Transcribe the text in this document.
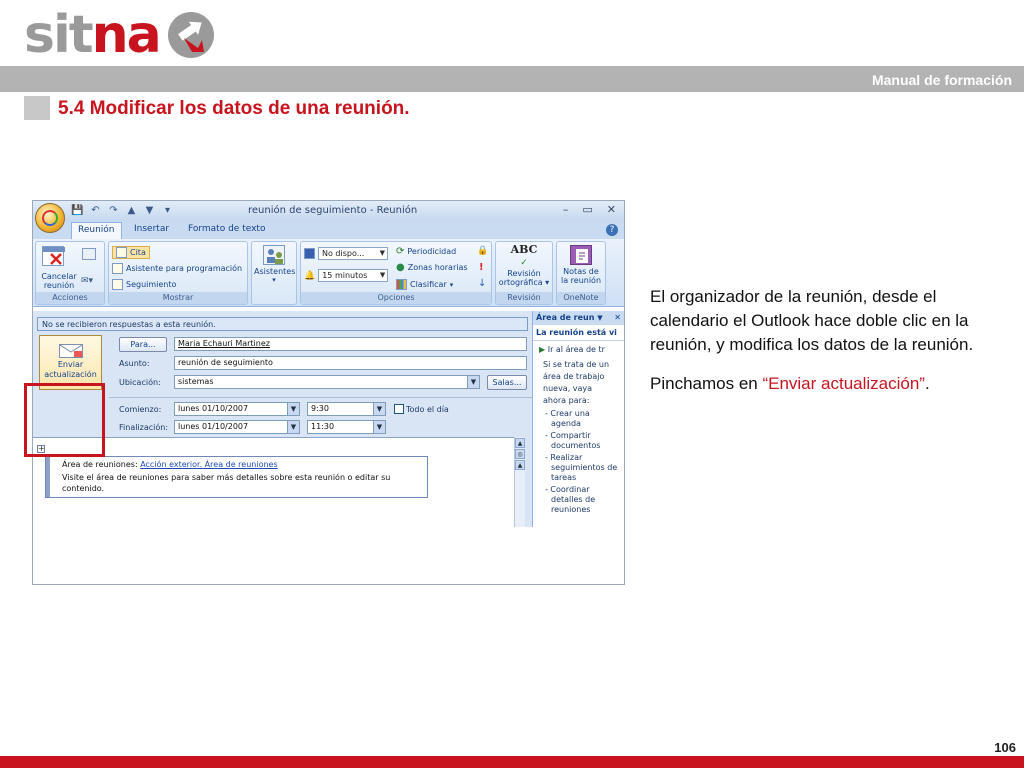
sitna
Manual de formación
5.4 Modificar los datos de una reunión.
💾 ↶ ↷ ▲ ▼	▾	reunión de seguimiento - Reunión	– ▭ ✕
Reunión	Insertar Formato de texto	?
Cancelar
reunión ✉▾
Acciones
Cita
Asistente para programación
Seguimiento
Mostrar
Asistentes
▾
No dispo... ▼
🔔 15 minutos ▼
⟳ Periodicidad
● Zonas horarias
Clasificar ▾
🔒
!
↓
Opciones
ABC
✓
Revisión
ortográfica ▾
Revisión
Notas de
la reunión
OneNote
No se recibieron respuestas a esta reunión.
Enviar
actualización
Para...	Maria Echauri Martinez
Asunto:	reunión de seguimiento
Ubicación:	sistemas	▼	Salas...
Comienzo:	lunes 01/10/2007	▼	9:30	▼	Todo el día
Finalización:	lunes 01/10/2007	▼	11:30	▼
▲
◎
▲
+
Área de reuniones: Acción exterior. Área de reuniones
Visite el área de reuniones para saber más detalles sobre esta reunión o editar su
contenido.
Área de reun ▼ ✕
La reunión está vi
▶ Ir al área de tr
Si se trata de un
área de trabajo
nueva, vaya
ahora para:
- Crear una
agenda
- Compartir
documentos
- Realizar
seguimientos de
tareas
- Coordinar
detalles de
reuniones

El organizador de la reunión, desde el calendario el Outlook hace doble clic en la reunión, y modifica los datos de la reunión.

Pinchamos en “Enviar actualización”.

106
